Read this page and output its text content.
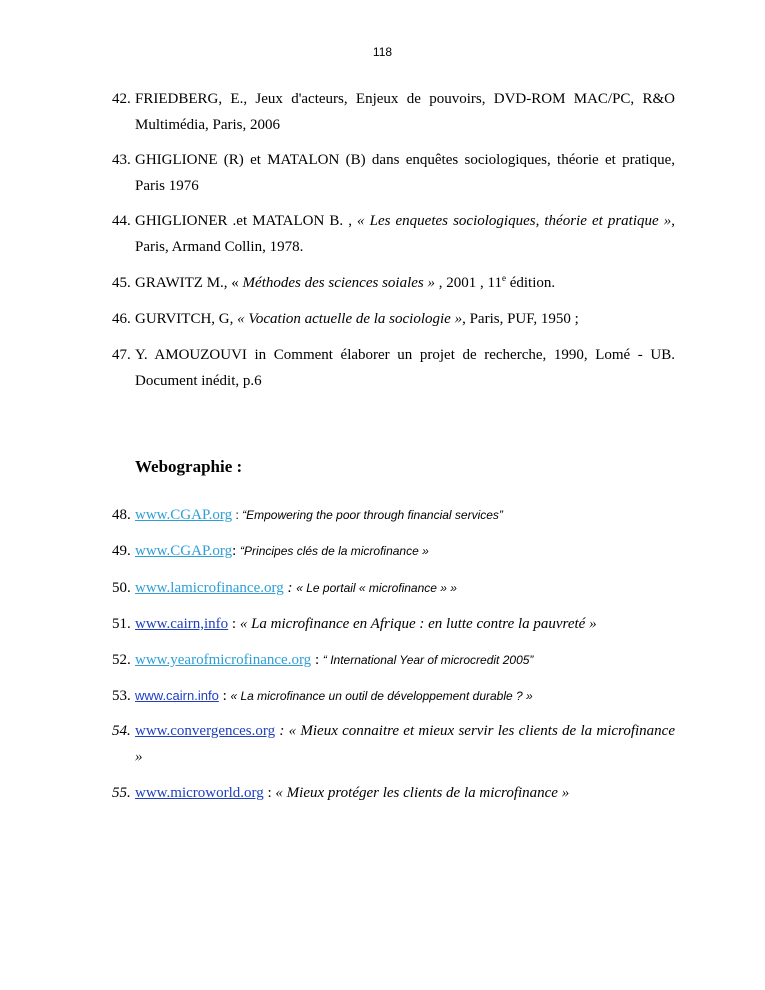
118
42. FRIEDBERG, E., Jeux d'acteurs, Enjeux de pouvoirs, DVD-ROM MAC/PC, R&O Multimédia, Paris, 2006
43. GHIGLIONE (R) et MATALON (B) dans enquêtes sociologiques, théorie et pratique, Paris 1976
44. GHIGLIONER .et MATALON B. , « Les enquetes sociologiques, théorie et pratique », Paris, Armand Collin, 1978.
45. GRAWITZ M., « Méthodes des sciences soiales » , 2001 , 11e édition.
46. GURVITCH, G, « Vocation actuelle de la sociologie », Paris, PUF, 1950 ;
47. Y. AMOUZOUVI in Comment élaborer un projet de recherche, 1990, Lomé - UB. Document inédit, p.6
Webographie :
48. www.CGAP.org : “Empowering the poor through financial services”
49. www.CGAP.org: “Principes clés de la microfinance »
50. www.lamicrofinance.org : « Le portail « microfinance » »
51. www.cairn,info : « La microfinance en Afrique : en lutte contre la pauvreté »
52. www.yearofmicrofinance.org : “ International Year of microcredit 2005”
53. www.cairn.info : « La microfinance un outil de développement durable ? »
54. www.convergences.org : « Mieux connaitre et mieux servir les clients de la microfinance »
55. www.microworld.org : « Mieux protéger les clients de la microfinance »
